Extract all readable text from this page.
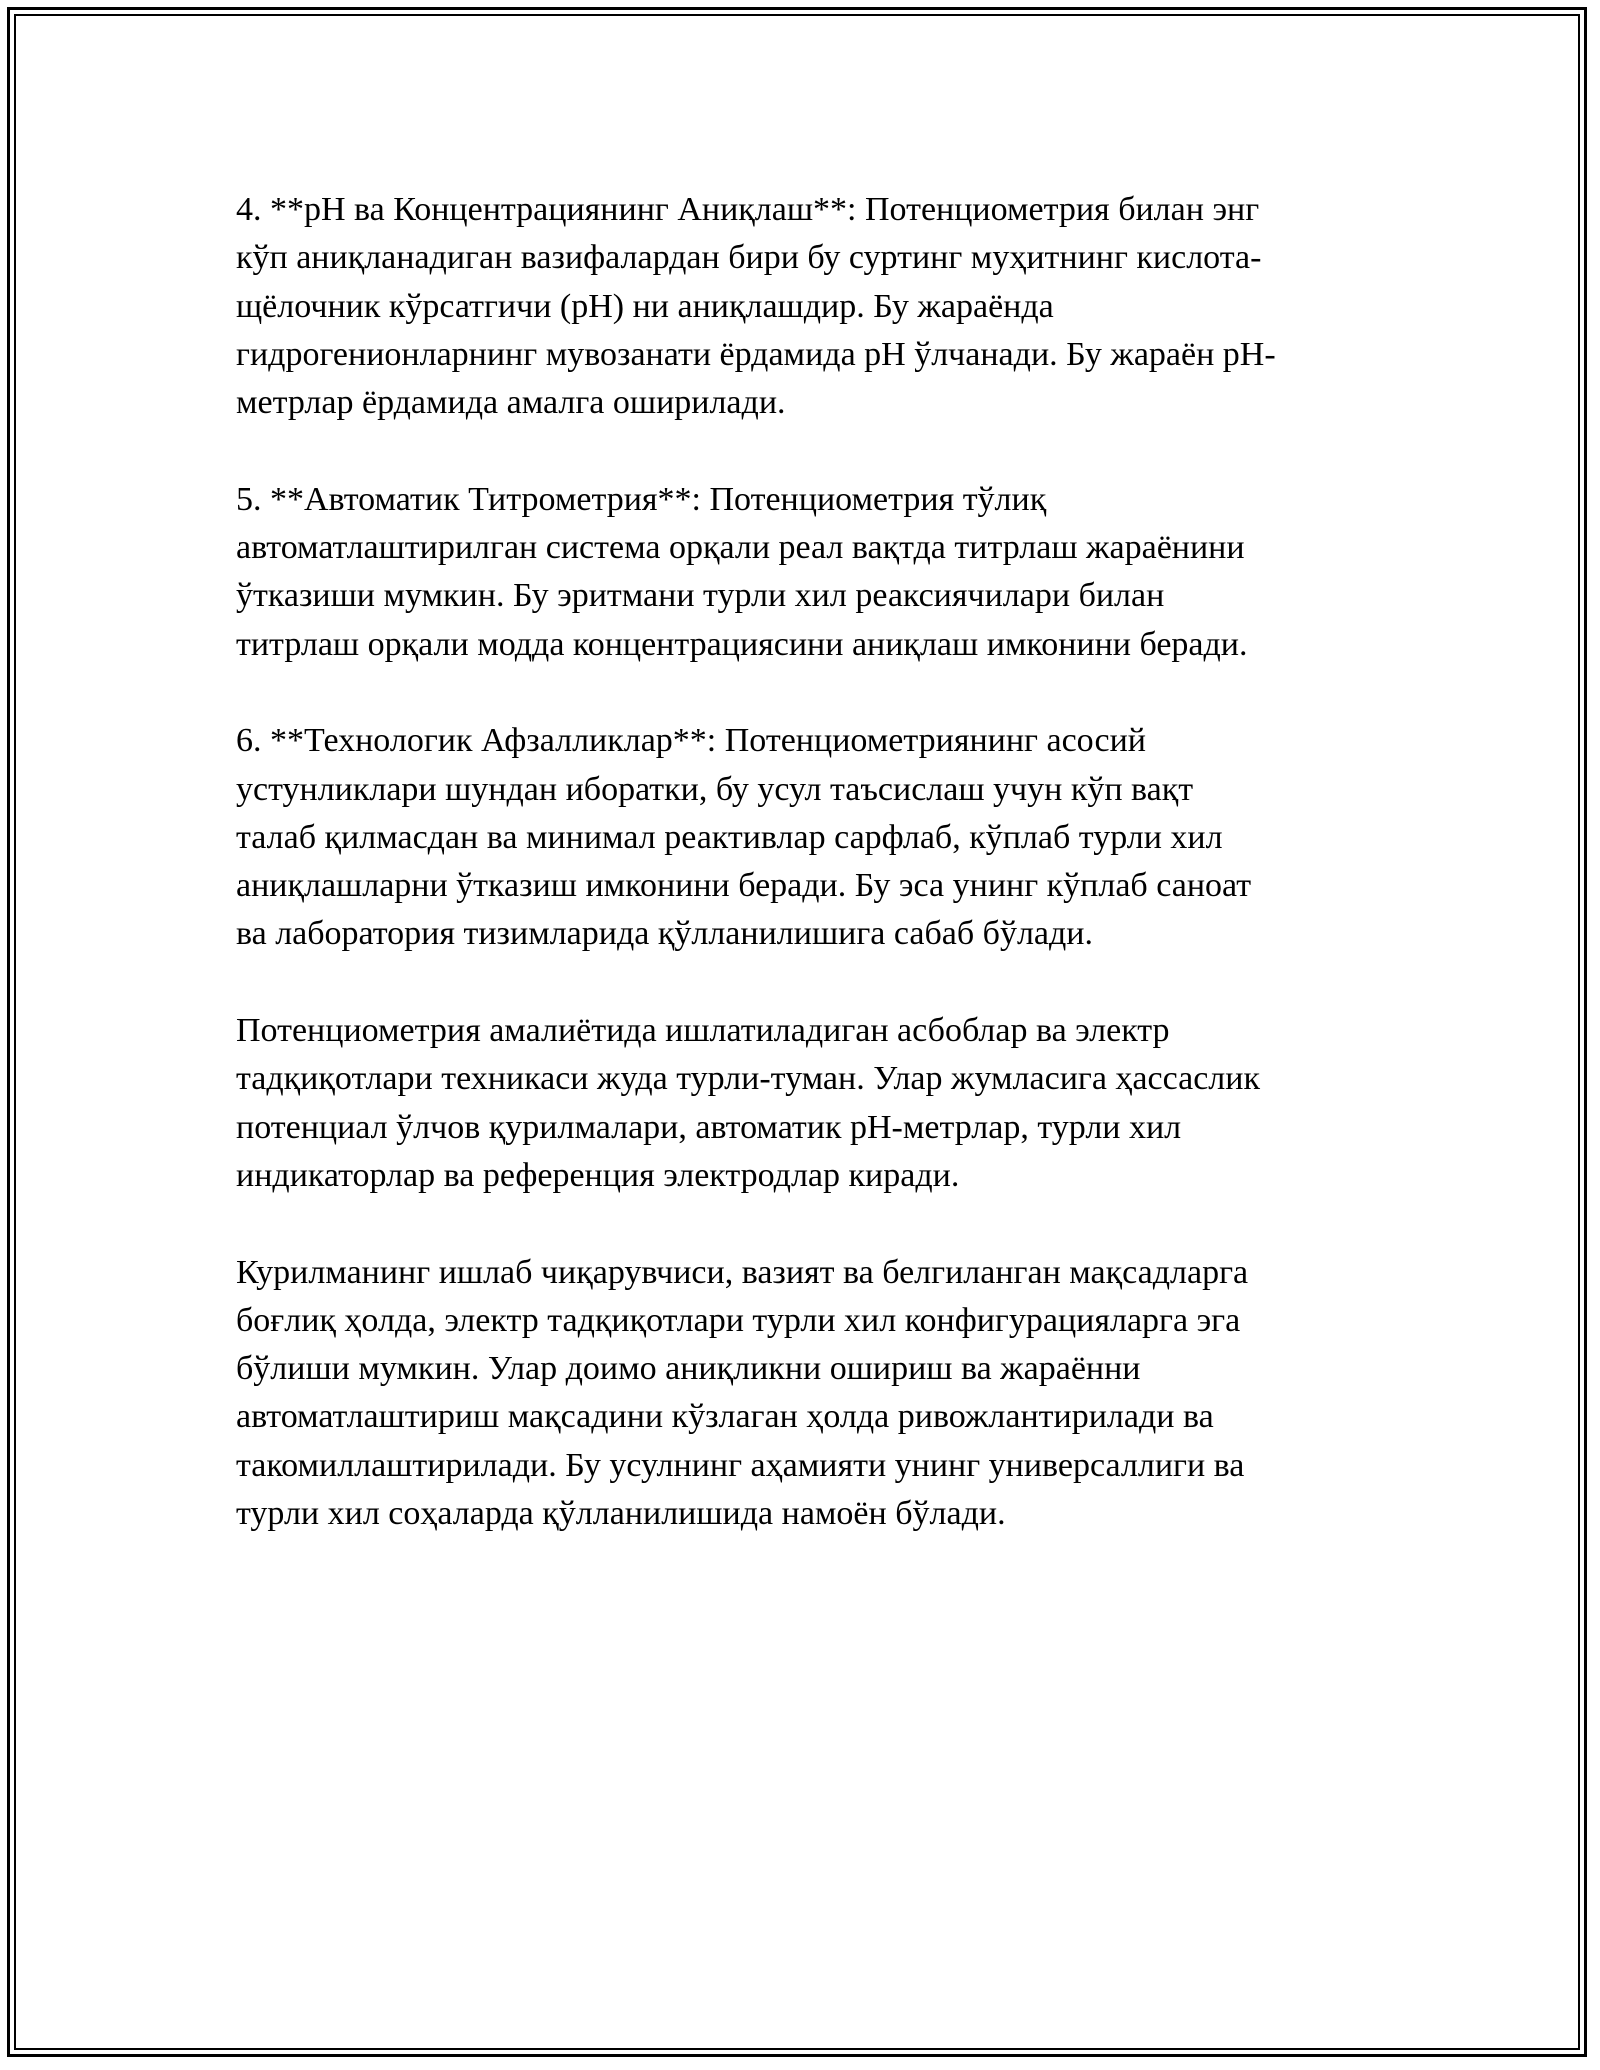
4. **pH ва Концентрациянинг Аниқлаш**: Потенциометрия билан энг
кўп аниқланадиган вазифалардан бири бу суртинг муҳитнинг кислота-
щёлочник кўрсатгичи (pH) ни аниқлашдир. Бу жараёнда
гидрогенионларнинг мувозанати ёрдамида pH ўлчанади. Бу жараён pH-
метрлар ёрдамида амалга оширилади.

5. **Автоматик Титрометрия**: Потенциометрия тўлиқ
автоматлаштирилган система орқали реал вақтда титрлаш жараёнини
ўтказиши мумкин. Бу эритмани турли хил реаксиячилари билан
титрлаш орқали модда концентрациясини аниқлаш имконини беради.

6. **Технологик Афзалликлар**: Потенциометриянинг асосий
устунликлари шундан иборатки, бу усул таъсислаш учун кўп вақт
талаб қилмасдан ва минимал реактивлар сарфлаб, кўплаб турли хил
аниқлашларни ўтказиш имконини беради. Бу эса унинг кўплаб саноат
ва лаборатория тизимларида қўлланилишига сабаб бўлади.

Потенциометрия амалиётида ишлатиладиган асбоблар ва электр
тадқиқотлари техникаси жуда турли-туман. Улар жумласига ҳассаслик
потенциал ўлчов қурилмалари, автоматик pH-метрлар, турли хил
индикаторлар ва референция электродлар киради.

Курилманинг ишлаб чиқарувчиси, вазият ва белгиланган мақсадларга
боғлиқ ҳолда, электр тадқиқотлари турли хил конфигурацияларга эга
бўлиши мумкин. Улар доимо аниқликни ошириш ва жараённи
автоматлаштириш мақсадини кўзлаган ҳолда ривожлантирилади ва
такомиллаштирилади. Бу усулнинг аҳамияти унинг универсаллиги ва
турли хил соҳаларда қўлланилишида намоён бўлади.
